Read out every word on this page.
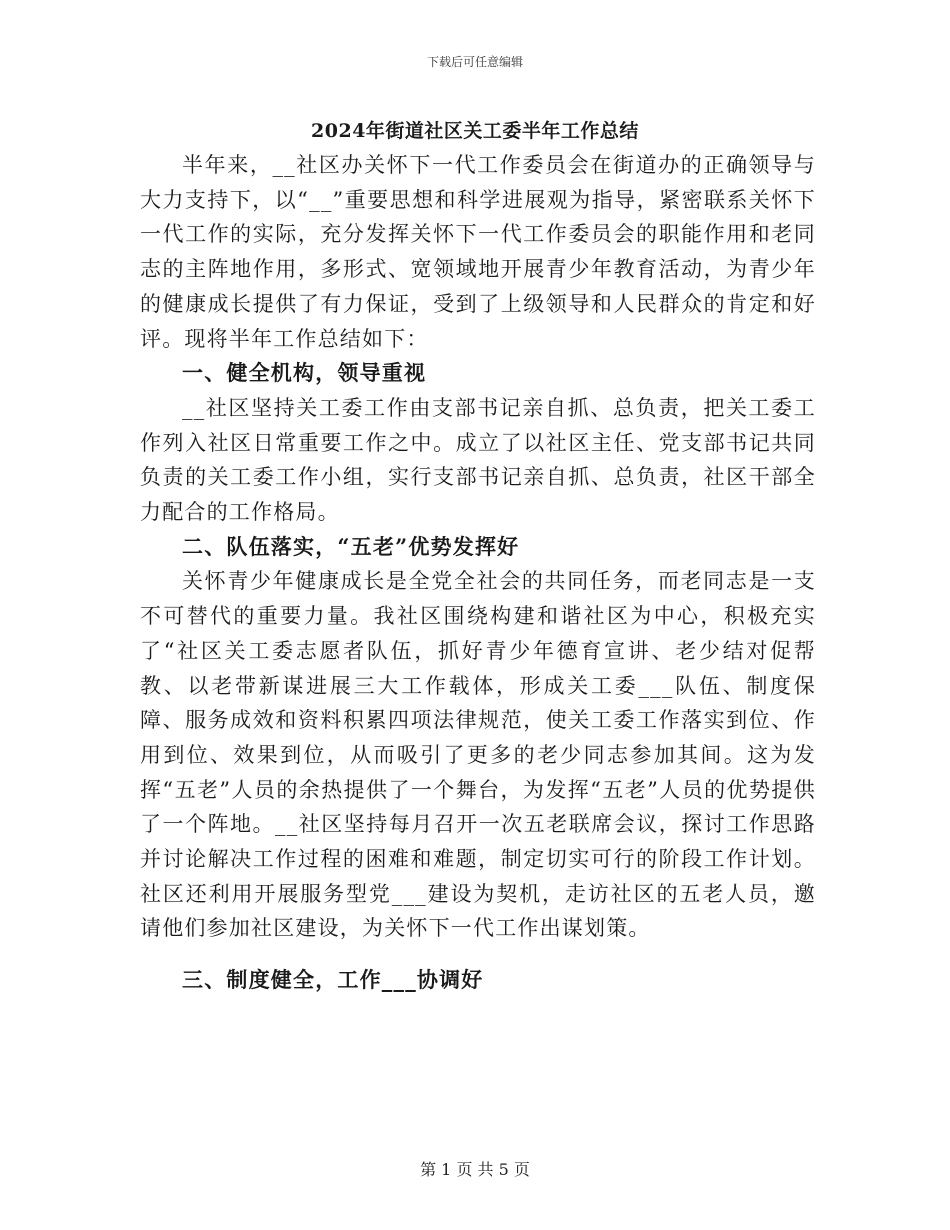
下载后可任意编辑
2024年街道社区关工委半年工作总结

半年来，__社区办关怀下一代工作委员会在街道办的正确领导与大力支持下，以“__”重要思想和科学进展观为指导，紧密联系关怀下一代工作的实际，充分发挥关怀下一代工作委员会的职能作用和老同志的主阵地作用，多形式、宽领域地开展青少年教育活动，为青少年的健康成长提供了有力保证，受到了上级领导和人民群众的肯定和好评。现将半年工作总结如下：

一、健全机构，领导重视

__社区坚持关工委工作由支部书记亲自抓、总负责，把关工委工作列入社区日常重要工作之中。成立了以社区主任、党支部书记共同负责的关工委工作小组，实行支部书记亲自抓、总负责，社区干部全力配合的工作格局。

二、队伍落实，“五老”优势发挥好

关怀青少年健康成长是全党全社会的共同任务，而老同志是一支不可替代的重要力量。我社区围绕构建和谐社区为中心，积极充实了“社区关工委志愿者队伍，抓好青少年德育宣讲、老少结对促帮教、以老带新谋进展三大工作载体，形成关工委___队伍、制度保障、服务成效和资料积累四项法律规范，使关工委工作落实到位、作用到位、效果到位，从而吸引了更多的老少同志参加其间。这为发挥“五老”人员的余热提供了一个舞台，为发挥“五老”人员的优势提供了一个阵地。__社区坚持每月召开一次五老联席会议，探讨工作思路并讨论解决工作过程的困难和难题，制定切实可行的阶段工作计划。社区还利用开展服务型党___建设为契机，走访社区的五老人员，邀请他们参加社区建设，为关怀下一代工作出谋划策。

三、制度健全，工作___协调好
第 1 页 共 5 页
